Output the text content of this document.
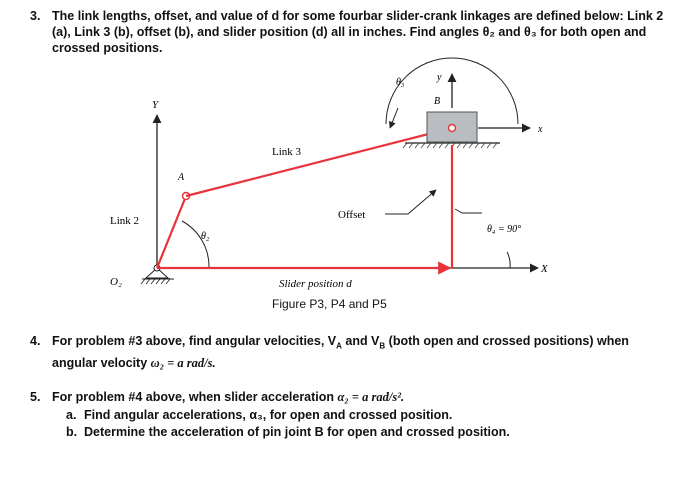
3. The link lengths, offset, and value of d for some fourbar slider-crank linkages are defined below: Link 2 (a), Link 3 (b), offset (b), and slider position (d) all in inches. Find angles θ₂ and θ₃ for both open and crossed positions.
Y
X
O₂
A
Link 2
θ₂
Link 3
B
x
y
θ₃
Offset
θ₄ = 90°
Slider position d
Figure P3, P4 and P5
4. For problem #3 above, find angular velocities, $V_A$ and $V_B$ (both open and crossed positions) when
angular velocity ω₂ = a rad/s.
5. For problem #4 above, when slider acceleration α₂ = a rad/s².
a. Find angular accelerations, α₃, for open and crossed position.
b. Determine the acceleration of pin joint B for open and crossed position.
